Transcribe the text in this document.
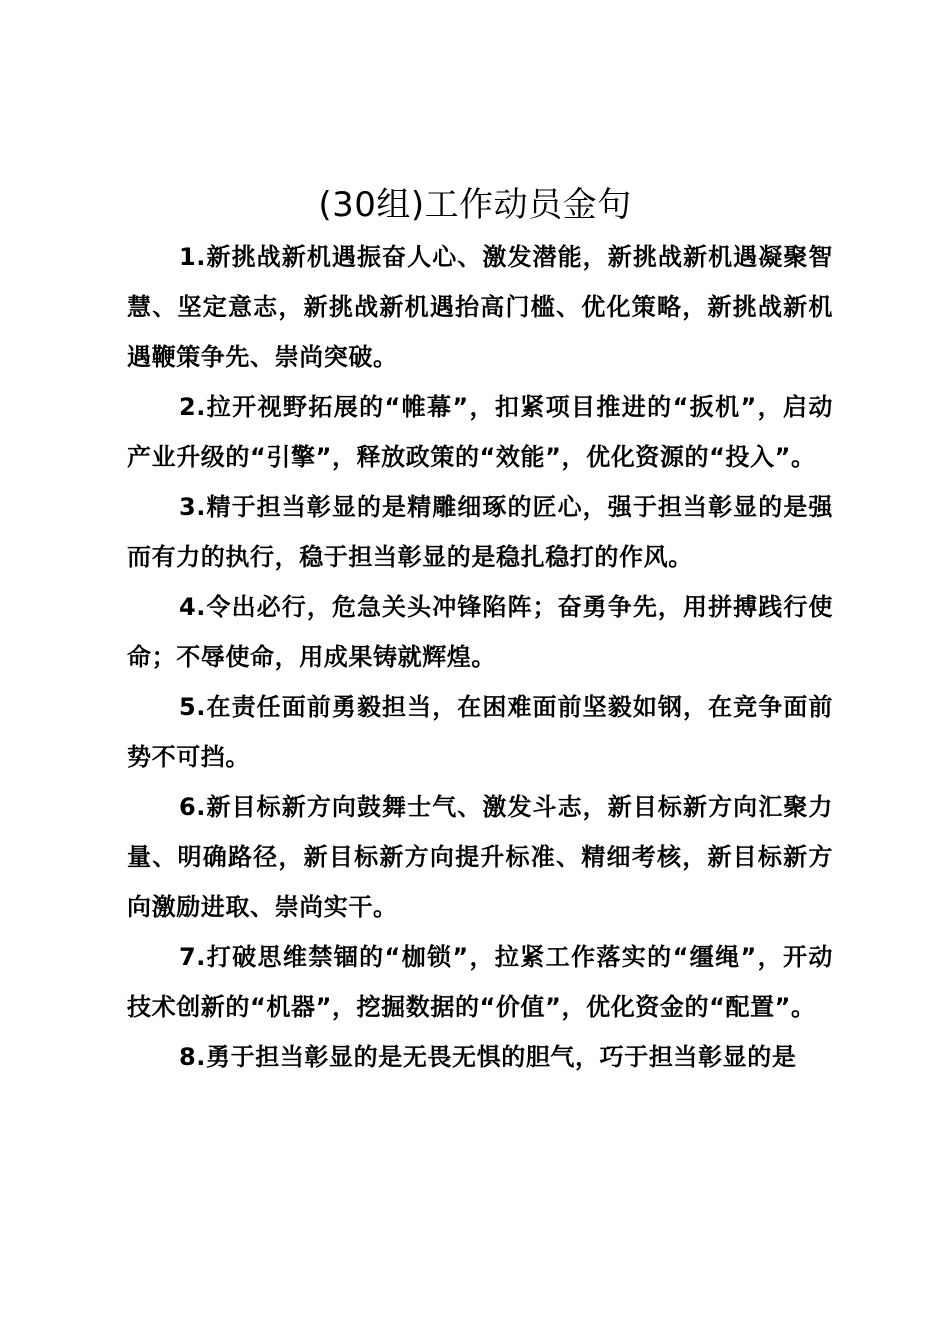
(30组)工作动员金句

1.新挑战新机遇振奋人心、激发潜能，新挑战新机遇凝聚智慧、坚定意志，新挑战新机遇抬高门槛、优化策略，新挑战新机遇鞭策争先、崇尚突破。

2.拉开视野拓展的“帷幕”，扣紧项目推进的“扳机”，启动产业升级的“引擎”，释放政策的“效能”，优化资源的“投入”。

3.精于担当彰显的是精雕细琢的匠心，强于担当彰显的是强而有力的执行，稳于担当彰显的是稳扎稳打的作风。

4.令出必行，危急关头冲锋陷阵；奋勇争先，用拼搏践行使命；不辱使命，用成果铸就辉煌。

5.在责任面前勇毅担当，在困难面前坚毅如钢，在竞争面前势不可挡。

6.新目标新方向鼓舞士气、激发斗志，新目标新方向汇聚力量、明确路径，新目标新方向提升标准、精细考核，新目标新方向激励进取、崇尚实干。

7.打破思维禁锢的“枷锁”，拉紧工作落实的“缰绳”，开动技术创新的“机器”，挖掘数据的“价值”，优化资金的“配置”。

8.勇于担当彰显的是无畏无惧的胆气，巧于担当彰显的是
